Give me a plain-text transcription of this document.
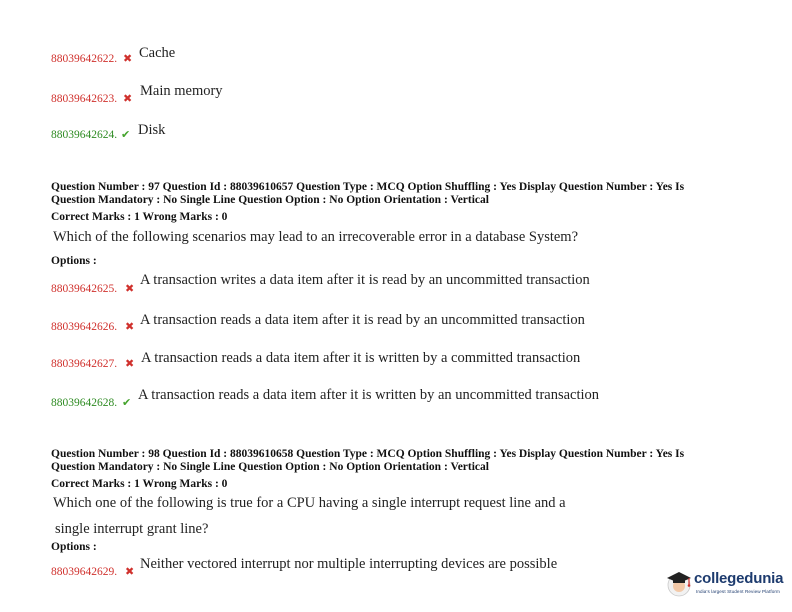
88039642622. ✖ Cache
88039642623. ✖ Main memory
88039642624. ✔ Disk
Question Number : 97 Question Id : 88039610657 Question Type : MCQ Option Shuffling : Yes Display Question Number : Yes Is
Question Mandatory : No Single Line Question Option : No Option Orientation : Vertical
Correct Marks : 1 Wrong Marks : 0
Which of the following scenarios may lead to an irrecoverable error in a database System?
Options :
88039642625. ✖
A transaction writes a data item after it is read by an uncommitted transaction
88039642626. ✖ A transaction reads a data item after it is read by an uncommitted transaction
88039642627. ✖ A transaction reads a data item after it is written by a committed transaction
88039642628. ✔ A transaction reads a data item after it is written by an uncommitted transaction
Question Number : 98 Question Id : 88039610658 Question Type : MCQ Option Shuffling : Yes Display Question Number : Yes Is
Question Mandatory : No Single Line Question Option : No Option Orientation : Vertical
Correct Marks : 1 Wrong Marks : 0
Which one of the following is true for a CPU having a single interrupt request line and a
single interrupt grant line?
Options :
88039642629. ✖ Neither vectored interrupt nor multiple interrupting devices are possible
collegedunia
India's largest Student Review Platform
